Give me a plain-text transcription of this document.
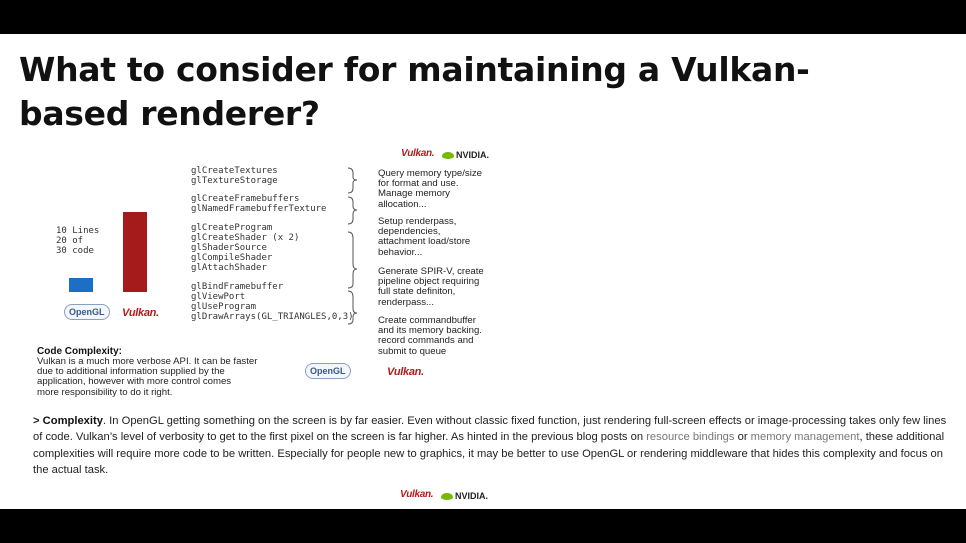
What to consider for maintaining a Vulkan-based renderer?
Vulkan.	NVIDIA.
10 Lines
20 of
30 code
OpenGL	Vulkan.
glCreateTextures
glTextureStorage
glCreateFramebuffers
glNamedFramebufferTexture
glCreateProgram
glCreateShader (x 2)
glShaderSource
glCompileShader
glAttachShader
glBindFramebuffer
glViewPort
glUseProgram
glDrawArrays(GL_TRIANGLES,0,3)
Query memory type/size
for format and use.
Manage memory
allocation...
Setup renderpass,
dependencies,
attachment load/store
behavior...
Generate SPIR-V, create
pipeline object requiring
full state definiton,
renderpass...
Create commandbuffer
and its memory backing.
record commands and
submit to queue
Code Complexity:
Vulkan is a much more verbose API. It can be faster
due to additional information supplied by the
application, however with more control comes
more responsibility to do it right.
OpenGL	Vulkan.
> Complexity. In OpenGL getting something on the screen is by far easier. Even without classic fixed function, just rendering full-screen effects or image-processing takes only few lines of code. Vulkan’s level of verbosity to get to the first pixel on the screen is far higher. As hinted in the previous blog posts on resource bindings or memory management, these additional complexities will require more code to be written. Especially for people new to graphics, it may be better to use OpenGL or rendering middleware that hides this complexity and focus on the actual task.
Vulkan.	NVIDIA.
